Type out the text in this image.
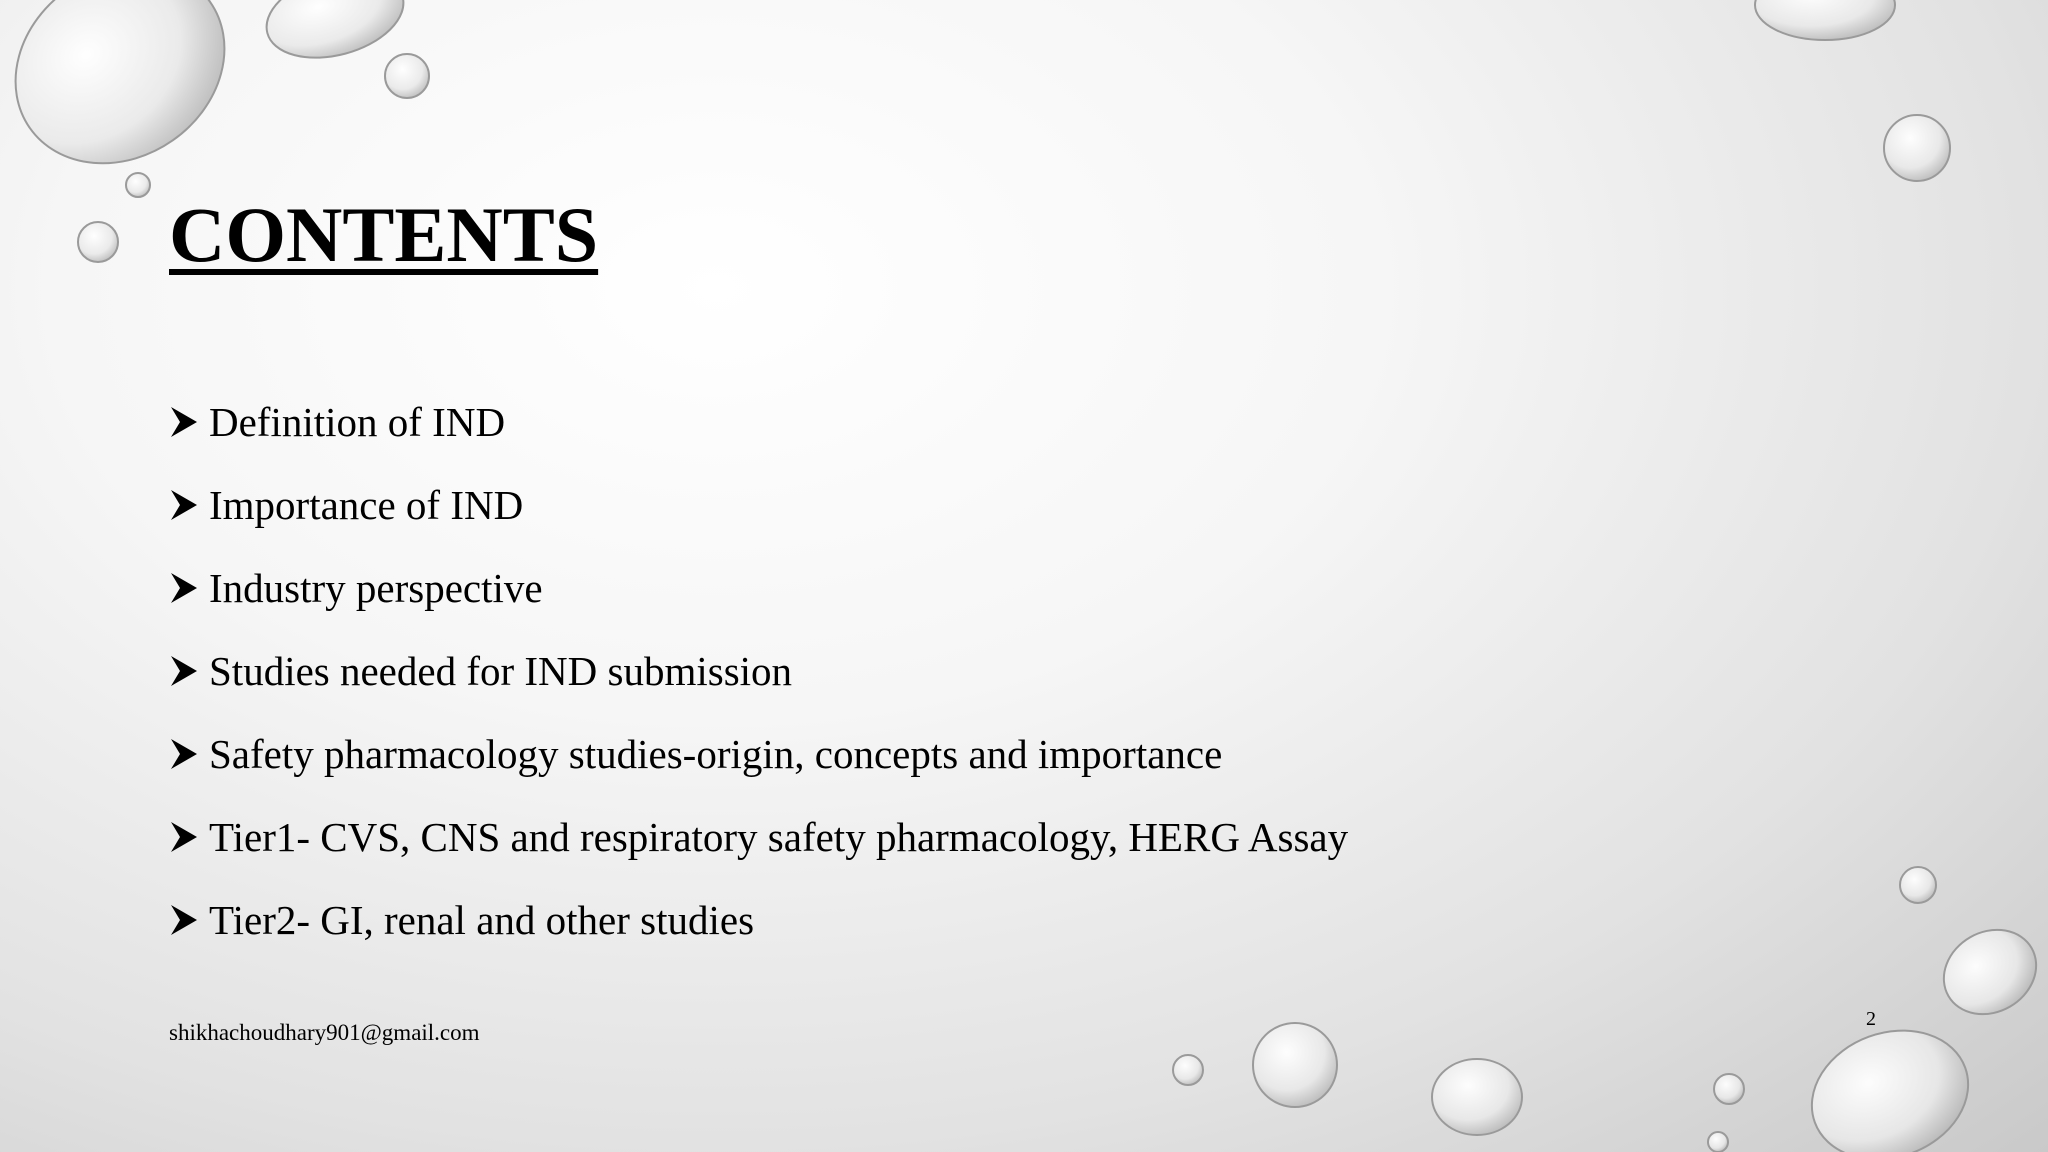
CONTENTS
Definition of IND
Importance of IND
Industry perspective
Studies needed for IND submission
Safety pharmacology studies-origin, concepts and importance
Tier1- CVS, CNS and respiratory safety pharmacology, HERG Assay
Tier2- GI, renal and other studies
shikhachoudhary901@gmail.com
2
